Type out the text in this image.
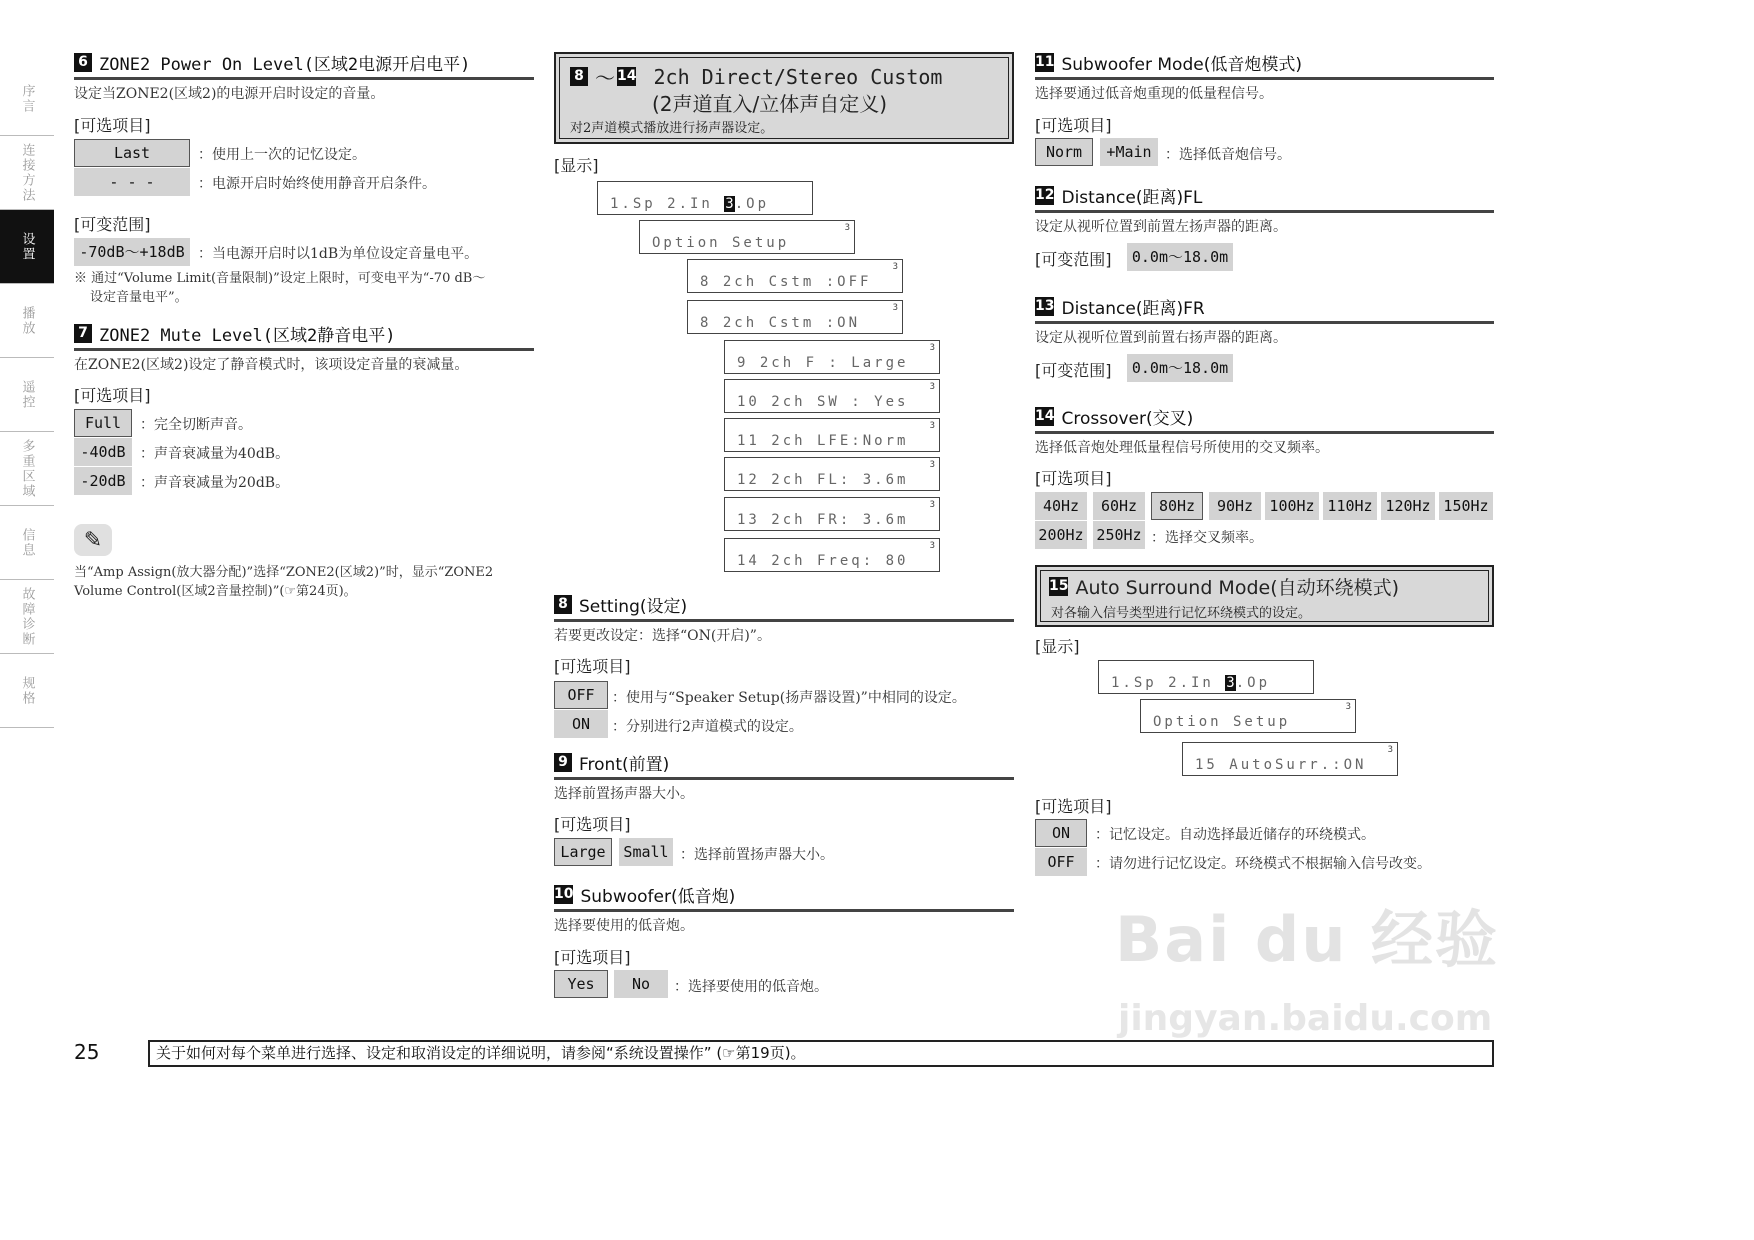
序言
连接方法
设置
播放
遥控
多重区域
信息
故障诊断
规格
6 ZONE2 Power On Level(区域2电源开启电平)
设定当ZONE2(区域2)的电源开启时设定的音量。
[可选项目]
Last	：使用上一次的记忆设定。
- - -	：电源开启时始终使用静音开启条件。
[可变范围]
-70dB～+18dB ：当电源开启时以1dB为单位设定音量电平。
※ 通过“Volume Limit(音量限制)”设定上限时，可变电平为“-70 dB～
设定音量电平”。
7 ZONE2 Mute Level(区域2静音电平)
在ZONE2(区域2)设定了静音模式时，该项设定音量的衰减量。
[可选项目]
Full	：完全切断声音。
-40dB	：声音衰减量为40dB。
-20dB	：声音衰减量为20dB。
✎
当“Amp Assign(放大器分配)”选择“ZONE2(区域2)”时，显示“ZONE2
Volume Control(区域2音量控制)”(☞第24页)。
8 ～ 14 2ch Direct/Stereo Custom
(2声道直入/立体声自定义)
对2声道模式播放进行扬声器设定。
[显示]
1.Sp 2.In 3.Op
3
Option Setup
3
8 2ch Cstm :OFF
3
8 2ch Cstm :ON
3
9 2ch F : Large
3
10 2ch SW : Yes
3
11 2ch LFE:Norm
3
12 2ch FL: 3.6m
3
13 2ch FR: 3.6m
3
14 2ch Freq: 80
8 Setting(设定)
若要更改设定：选择“ON(开启)”。
[可选项目]
OFF	：使用与“Speaker Setup(扬声器设置)”中相同的设定。
ON	：分别进行2声道模式的设定。
9 Front(前置)
选择前置扬声器大小。
[可选项目]
Large	Small ：选择前置扬声器大小。
10 Subwoofer(低音炮)
选择要使用的低音炮。
[可选项目]
Yes	No	：选择要使用的低音炮。
11 Subwoofer Mode(低音炮模式)
选择要通过低音炮重现的低量程信号。
[可选项目]
Norm	+Main ：选择低音炮信号。
12 Distance(距离)FL
设定从视听位置到前置左扬声器的距离。
[可变范围]	0.0m～18.0m
13 Distance(距离)FR
设定从视听位置到前置右扬声器的距离。
[可变范围]	0.0m～18.0m
14 Crossover(交叉)
选择低音炮处理低量程信号所使用的交叉频率。
[可选项目]
40Hz	60Hz	80Hz	90Hz	100Hz 110Hz 120Hz 150Hz
200Hz 250Hz ：选择交叉频率。
15 Auto Surround Mode(自动环绕模式)
对各输入信号类型进行记忆环绕模式的设定。
[显示]
1.Sp 2.In 3.Op
3
Option Setup
3
15 AutoSurr.:ON
[可选项目]
ON	：记忆设定。自动选择最近储存的环绕模式。
OFF	：请勿进行记忆设定。环绕模式不根据输入信号改变。
Bai du 经验
jingyan.baidu.com
25	关于如何对每个菜单进行选择、设定和取消设定的详细说明，请参阅“系统设置操作” (☞第19页)。
